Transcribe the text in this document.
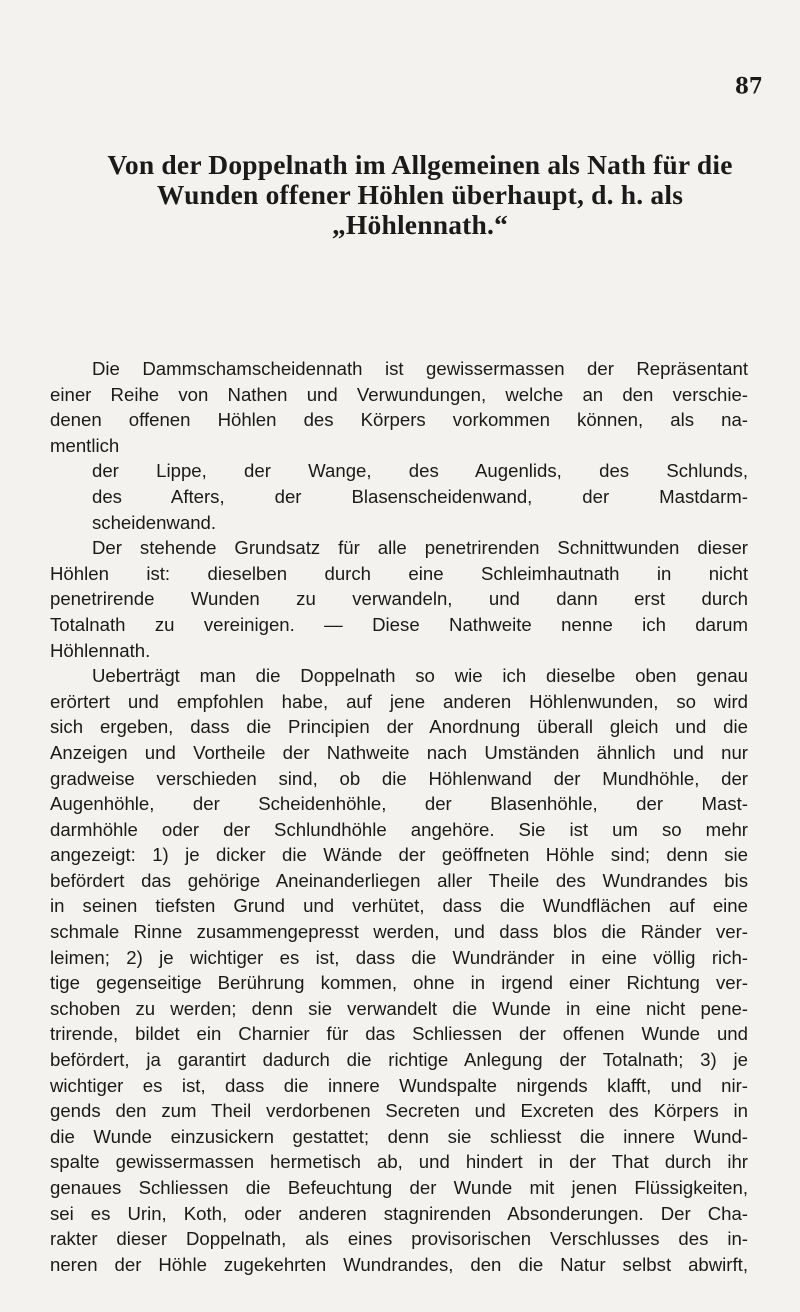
87
Von der Doppelnath im Allgemeinen als Nath für die
Wunden offener Höhlen überhaupt, d. h. als
„Höhlennath.“
Die Dammschamscheidennath ist gewissermassen der Repräsentant
einer Reihe von Nathen und Verwundungen, welche an den verschie-
denen offenen Höhlen des Körpers vorkommen können, als na-
mentlich
der Lippe, der Wange, des Augenlids, des Schlunds,
des Afters, der Blasenscheidenwand, der Mastdarm-
scheidenwand.
Der stehende Grundsatz für alle penetrirenden Schnittwunden dieser
Höhlen ist: dieselben durch eine Schleimhautnath in nicht
penetrirende Wunden zu verwandeln, und dann erst durch
Totalnath zu vereinigen. — Diese Nathweite nenne ich darum
Höhlennath.
Ueberträgt man die Doppelnath so wie ich dieselbe oben genau
erörtert und empfohlen habe, auf jene anderen Höhlenwunden, so wird
sich ergeben, dass die Principien der Anordnung überall gleich und die
Anzeigen und Vortheile der Nathweite nach Umständen ähnlich und nur
gradweise verschieden sind, ob die Höhlenwand der Mundhöhle, der
Augenhöhle, der Scheidenhöhle, der Blasenhöhle, der Mast-
darmhöhle oder der Schlundhöhle angehöre. Sie ist um so mehr
angezeigt: 1) je dicker die Wände der geöffneten Höhle sind; denn sie
befördert das gehörige Aneinanderliegen aller Theile des Wundrandes bis
in seinen tiefsten Grund und verhütet, dass die Wundflächen auf eine
schmale Rinne zusammengepresst werden, und dass blos die Ränder ver-
leimen; 2) je wichtiger es ist, dass die Wundränder in eine völlig rich-
tige gegenseitige Berührung kommen, ohne in irgend einer Richtung ver-
schoben zu werden; denn sie verwandelt die Wunde in eine nicht pene-
trirende, bildet ein Charnier für das Schliessen der offenen Wunde und
befördert, ja garantirt dadurch die richtige Anlegung der Totalnath; 3) je
wichtiger es ist, dass die innere Wundspalte nirgends klafft, und nir-
gends den zum Theil verdorbenen Secreten und Excreten des Körpers in
die Wunde einzusickern gestattet; denn sie schliesst die innere Wund-
spalte gewissermassen hermetisch ab, und hindert in der That durch ihr
genaues Schliessen die Befeuchtung der Wunde mit jenen Flüssigkeiten,
sei es Urin, Koth, oder anderen stagnirenden Absonderungen. Der Cha-
rakter dieser Doppelnath, als eines provisorischen Verschlusses des in-
neren der Höhle zugekehrten Wundrandes, den die Natur selbst abwirft,
